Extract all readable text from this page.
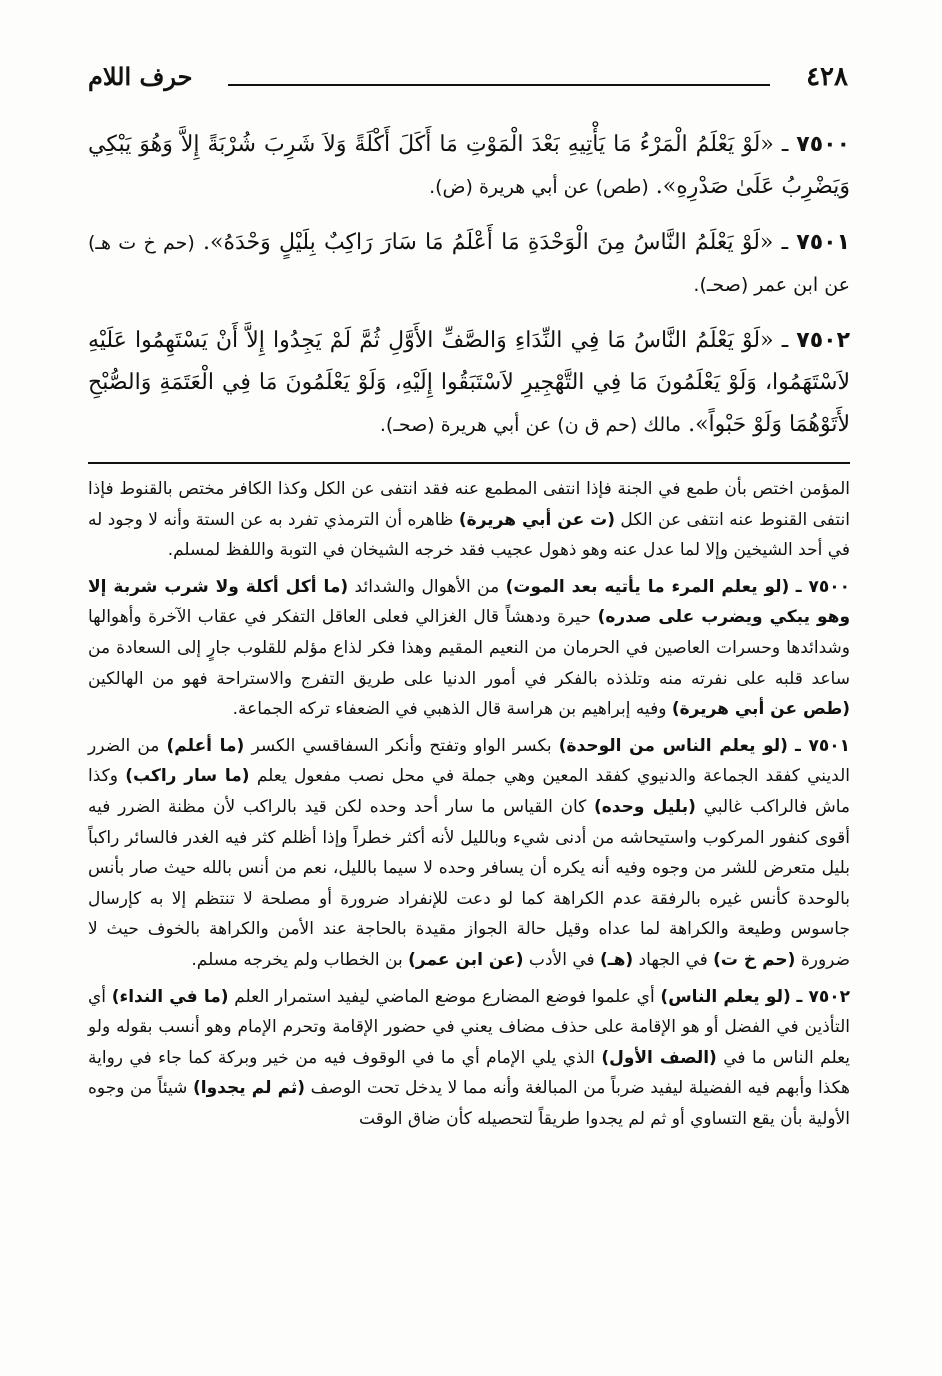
٤٢٨
حرف اللام
٧٥٠٠ ـ «لَوْ يَعْلَمُ الْمَرْءُ مَا يَأْتِيهِ بَعْدَ الْمَوْتِ مَا أَكَلَ أَكْلَةً وَلاَ شَرِبَ شُرْبَةً إِلاَّ وَهُوَ يَبْكِي وَيَضْرِبُ عَلَىٰ صَدْرِهِ». (طص) عن أبي هريرة (ض).
٧٥٠١ ـ «لَوْ يَعْلَمُ النَّاسُ مِنَ الْوَحْدَةِ مَا أَعْلَمُ مَا سَارَ رَاكِبٌ بِلَيْلٍ وَحْدَهُ». (حم خ ت هـ) عن ابن عمر (صحـ).
٧٥٠٢ ـ «لَوْ يَعْلَمُ النَّاسُ مَا فِي النِّدَاءِ وَالصَّفِّ الأَوَّلِ ثُمَّ لَمْ يَجِدُوا إِلاَّ أَنْ يَسْتَهِمُوا عَلَيْهِ لاَسْتَهَمُوا، وَلَوْ يَعْلَمُونَ مَا فِي التَّهْجِيرِ لاَسْتَبَقُوا إِلَيْهِ، وَلَوْ يَعْلَمُونَ مَا فِي الْعَتَمَةِ وَالصُّبْحِ لأَتَوْهُمَا وَلَوْ حَبْواً». مالك (حم ق ن) عن أبي هريرة (صحـ).

المؤمن اختص بأن طمع في الجنة فإذا انتفى المطمع عنه فقد انتفى عن الكل وكذا الكافر مختص بالقنوط فإذا انتفى القنوط عنه انتفى عن الكل (ت عن أبي هريرة) ظاهره أن الترمذي تفرد به عن الستة وأنه لا وجود له في أحد الشيخين وإلا لما عدل عنه وهو ذهول عجيب فقد خرجه الشيخان في التوبة واللفظ لمسلم.

٧٥٠٠ ـ (لو يعلم المرء ما يأتيه بعد الموت) من الأهوال والشدائد (ما أكل أكلة ولا شرب شربة إلا وهو يبكي ويضرب على صدره) حيرة ودهشاً قال الغزالي فعلى العاقل التفكر في عقاب الآخرة وأهوالها وشدائدها وحسرات العاصين في الحرمان من النعيم المقيم وهذا فكر لذاع مؤلم للقلوب جارٍ إلى السعادة من ساعد قلبه على نفرته منه وتلذذه بالفكر في أمور الدنيا على طريق التفرج والاستراحة فهو من الهالكين (طص عن أبي هريرة) وفيه إبراهيم بن هراسة قال الذهبي في الضعفاء تركه الجماعة.

٧٥٠١ ـ (لو يعلم الناس من الوحدة) بكسر الواو وتفتح وأنكر السفاقسي الكسر (ما أعلم) من الضرر الديني كفقد الجماعة والدنيوي كفقد المعين وهي جملة في محل نصب مفعول يعلم (ما سار راكب) وكذا ماش فالراكب غالبي (بليل وحده) كان القياس ما سار أحد وحده لكن قيد بالراكب لأن مظنة الضرر فيه أقوى كنفور المركوب واستيحاشه من أدنى شيء وبالليل لأنه أكثر خطراً وإذا أظلم كثر فيه الغدر فالسائر راكباً بليل متعرض للشر من وجوه وفيه أنه يكره أن يسافر وحده لا سيما بالليل، نعم من أنس بالله حيث صار بأنس بالوحدة كأنس غيره بالرفقة عدم الكراهة كما لو دعت للإنفراد ضرورة أو مصلحة لا تنتظم إلا به كإرسال جاسوس وطيعة والكراهة لما عداه وقيل حالة الجواز مقيدة بالحاجة عند الأمن والكراهة بالخوف حيث لا ضرورة (حم خ ت) في الجهاد (هـ) في الأدب (عن ابن عمر) بن الخطاب ولم يخرجه مسلم.

٧٥٠٢ ـ (لو يعلم الناس) أي علموا فوضع المضارع موضع الماضي ليفيد استمرار العلم (ما في النداء) أي التأذين في الفضل أو هو الإقامة على حذف مضاف يعني في حضور الإقامة وتحرم الإمام وهو أنسب بقوله ولو يعلم الناس ما في (الصف الأول) الذي يلي الإمام أي ما في الوقوف فيه من خير وبركة كما جاء في رواية هكذا وأبهم فيه الفضيلة ليفيد ضرباً من المبالغة وأنه مما لا يدخل تحت الوصف (ثم لم يجدوا) شيئاً من وجوه الأولية بأن يقع التساوي أو ثم لم يجدوا طريقاً لتحصيله كأن ضاق الوقت
